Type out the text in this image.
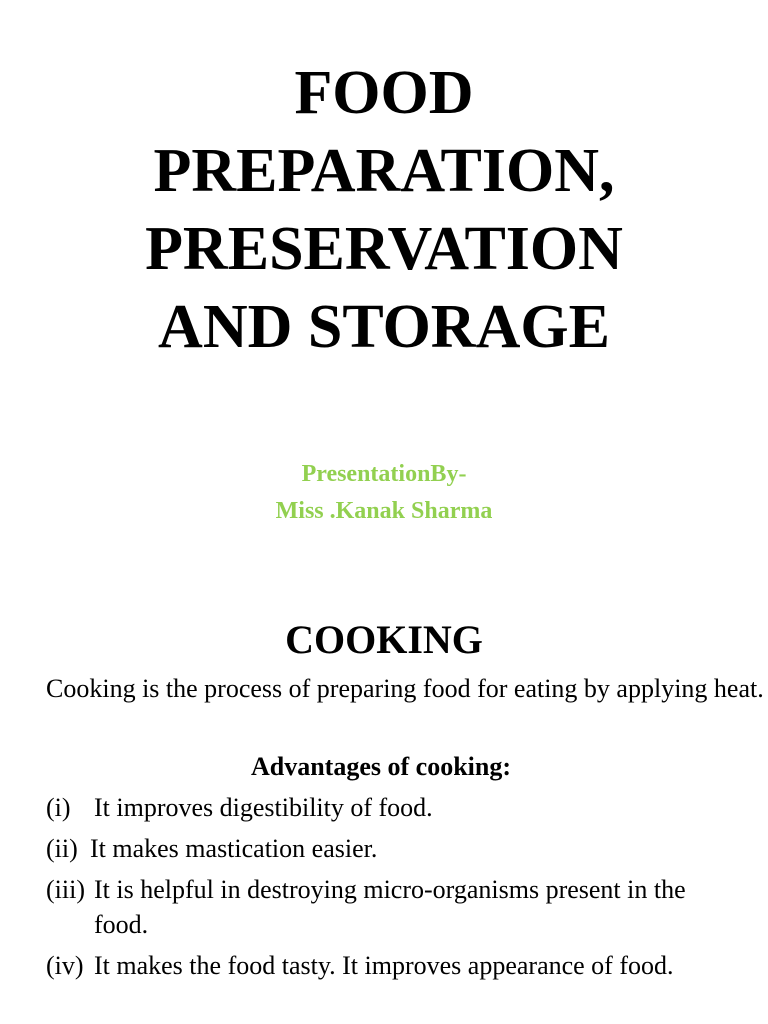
FOOD
PREPARATION,
PRESERVATION
AND STORAGE
PresentationBy-
Miss .Kanak Sharma
COOKING

Cooking is the process of preparing food for eating by applying heat.

Advantages of cooking:
(i) It improves digestibility of food.
(ii) It makes mastication easier.
(iii) It is helpful in destroying micro-organisms present in the food.
(iv) It makes the food tasty. It improves appearance of food.
